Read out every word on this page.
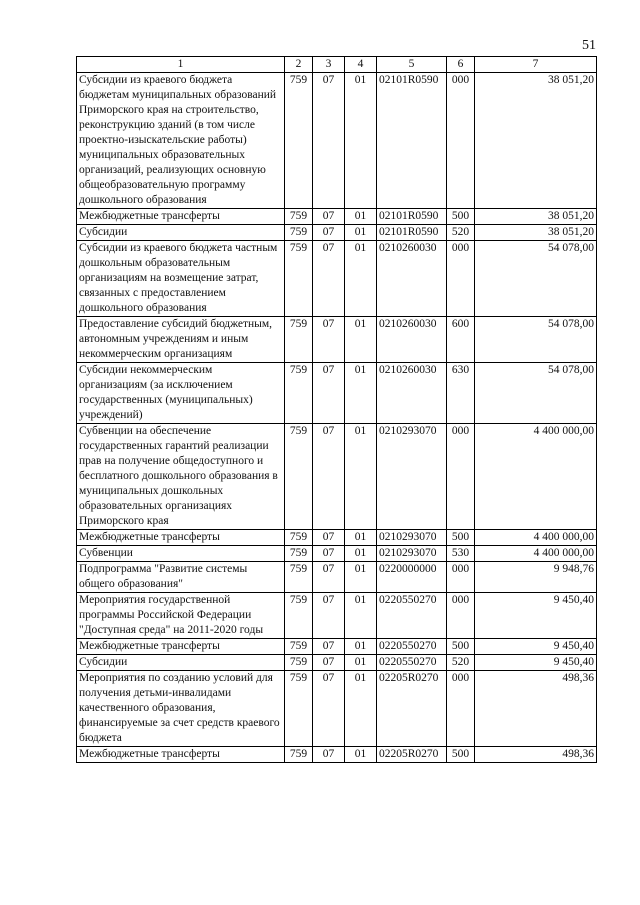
51
1	2	3	4	5	6	7
Субсидии из краевого бюджета бюджетам муниципальных образований Приморского края на строительство, реконструкцию зданий (в том числе проектно-изыскательские работы) муниципальных образовательных организаций, реализующих основную общеобразовательную программу дошкольного образования	759	07	01	02101R0590	000	38 051,20
Межбюджетные трансферты	759	07	01	02101R0590	500	38 051,20
Субсидии	759	07	01	02101R0590	520	38 051,20
Субсидии из краевого бюджета частным дошкольным образовательным организациям на возмещение затрат, связанных с предоставлением дошкольного образования	759	07	01	0210260030	000	54 078,00
Предоставление субсидий бюджетным, автономным учреждениям и иным некоммерческим организациям	759	07	01	0210260030	600	54 078,00
Субсидии некоммерческим организациям (за исключением государственных (муниципальных) учреждений)	759	07	01	0210260030	630	54 078,00
Субвенции на обеспечение государственных гарантий реализации прав на получение общедоступного и бесплатного дошкольного образования в муниципальных дошкольных образовательных организациях Приморского края	759	07	01	0210293070	000	4 400 000,00
Межбюджетные трансферты	759	07	01	0210293070	500	4 400 000,00
Субвенции	759	07	01	0210293070	530	4 400 000,00
Подпрограмма "Развитие системы общего образования"	759	07	01	0220000000	000	9 948,76
Мероприятия государственной программы Российской Федерации "Доступная среда" на 2011-2020 годы	759	07	01	0220550270	000	9 450,40
Межбюджетные трансферты	759	07	01	0220550270	500	9 450,40
Субсидии	759	07	01	0220550270	520	9 450,40
Мероприятия по созданию условий для получения детьми-инвалидами качественного образования, финансируемые за счет средств краевого бюджета	759	07	01	02205R0270	000	498,36
Межбюджетные трансферты	759	07	01	02205R0270	500	498,36
